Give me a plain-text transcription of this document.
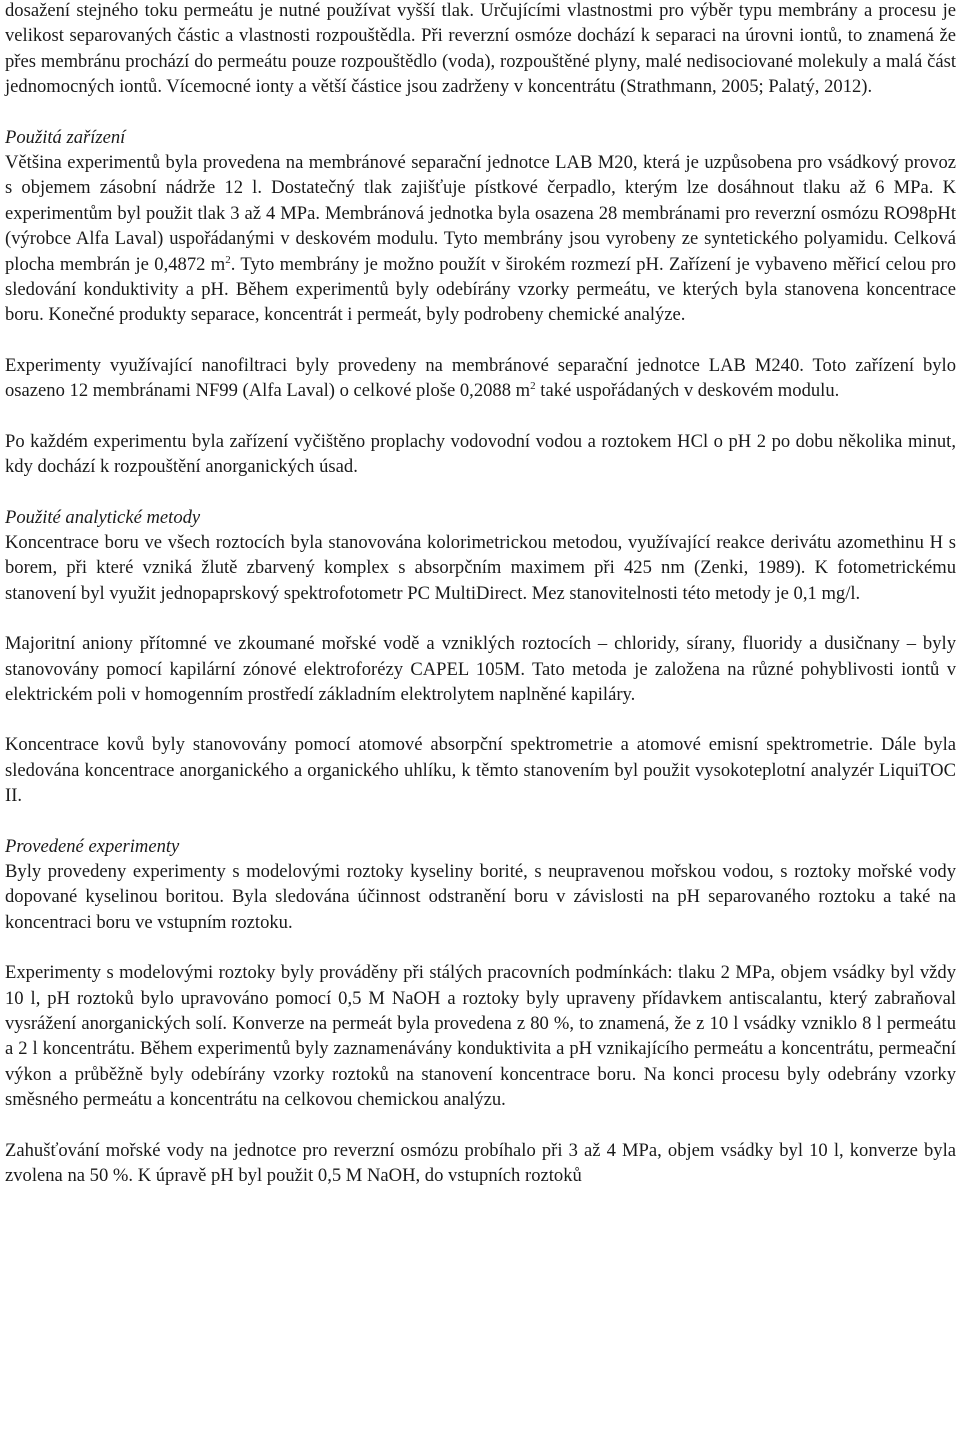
dosažení stejného toku permeátu je nutné používat vyšší tlak. Určujícími vlastnostmi pro výběr typu membrány a procesu je velikost separovaných částic a vlastnosti rozpouštědla. Při reverzní osmóze dochází k separaci na úrovni iontů, to znamená že přes membránu prochází do permeátu pouze rozpouštědlo (voda), rozpouštěné plyny, malé nedisociované molekuly a malá část jednomocných iontů. Vícemocné ionty a větší částice jsou zadrženy v koncentrátu (Strathmann, 2005; Palatý, 2012).

Použitá zařízení
Většina experimentů byla provedena na membránové separační jednotce LAB M20, která je uzpůsobena pro vsádkový provoz s objemem zásobní nádrže 12 l. Dostatečný tlak zajišťuje pístkové čerpadlo, kterým lze dosáhnout tlaku až 6 MPa. K experimentům byl použit tlak 3 až 4 MPa. Membránová jednotka byla osazena 28 membránami pro reverzní osmózu RO98pHt (výrobce Alfa Laval) uspořádanými v deskovém modulu. Tyto membrány jsou vyrobeny ze syntetického polyamidu. Celková plocha membrán je 0,4872 $m^2$. Tyto membrány je možno použít v širokém rozmezí pH. Zařízení je vybaveno měřicí celou pro sledování konduktivity a pH. Během experimentů byly odebírány vzorky permeátu, ve kterých byla stanovena koncentrace boru. Konečné produkty separace, koncentrát i permeát, byly podrobeny chemické analýze.

Experimenty využívající nanofiltraci byly provedeny na membránové separační jednotce LAB M240. Toto zařízení bylo osazeno 12 membránami NF99 (Alfa Laval) o celkové ploše 0,2088 $m^2$ také uspořádaných v deskovém modulu.

Po každém experimentu byla zařízení vyčištěno proplachy vodovodní vodou a roztokem HCl o pH 2 po dobu několika minut, kdy dochází k rozpouštění anorganických úsad.

Použité analytické metody
Koncentrace boru ve všech roztocích byla stanovována kolorimetrickou metodou, využívající reakce derivátu azomethinu H s borem, při které vzniká žlutě zbarvený komplex s absorpčním maximem při 425 nm (Zenki, 1989). K fotometrickému stanovení byl využit jednopaprskový spektrofotometr PC MultiDirect. Mez stanovitelnosti této metody je 0,1 mg/l.

Majoritní aniony přítomné ve zkoumané mořské vodě a vzniklých roztocích – chloridy, sírany, fluoridy a dusičnany – byly stanovovány pomocí kapilární zónové elektroforézy CAPEL 105M. Tato metoda je založena na různé pohyblivosti iontů v elektrickém poli v homogenním prostředí základním elektrolytem naplněné kapiláry.

Koncentrace kovů byly stanovovány pomocí atomové absorpční spektrometrie a atomové emisní spektrometrie. Dále byla sledována koncentrace anorganického a organického uhlíku, k těmto stanovením byl použit vysokoteplotní analyzér LiquiTOC II.

Provedené experimenty
Byly provedeny experimenty s modelovými roztoky kyseliny borité, s neupravenou mořskou vodou, s roztoky mořské vody dopované kyselinou boritou. Byla sledována účinnost odstranění boru v závislosti na pH separovaného roztoku a také na koncentraci boru ve vstupním roztoku.

Experimenty s modelovými roztoky byly prováděny při stálých pracovních podmínkách: tlaku 2 MPa, objem vsádky byl vždy 10 l, pH roztoků bylo upravováno pomocí 0,5 M NaOH a roztoky byly upraveny přídavkem antiscalantu, který zabraňoval vysrážení anorganických solí. Konverze na permeát byla provedena z 80 %, to znamená, že z 10 l vsádky vzniklo 8 l permeátu a 2 l koncentrátu. Během experimentů byly zaznamenávány konduktivita a pH vznikajícího permeátu a koncentrátu, permeační výkon a průběžně byly odebírány vzorky roztoků na stanovení koncentrace boru. Na konci procesu byly odebrány vzorky směsného permeátu a koncentrátu na celkovou chemickou analýzu.

Zahušťování mořské vody na jednotce pro reverzní osmózu probíhalo při 3 až 4 MPa, objem vsádky byl 10 l, konverze byla zvolena na 50 %. K úpravě pH byl použit 0,5 M NaOH, do vstupních roztoků
